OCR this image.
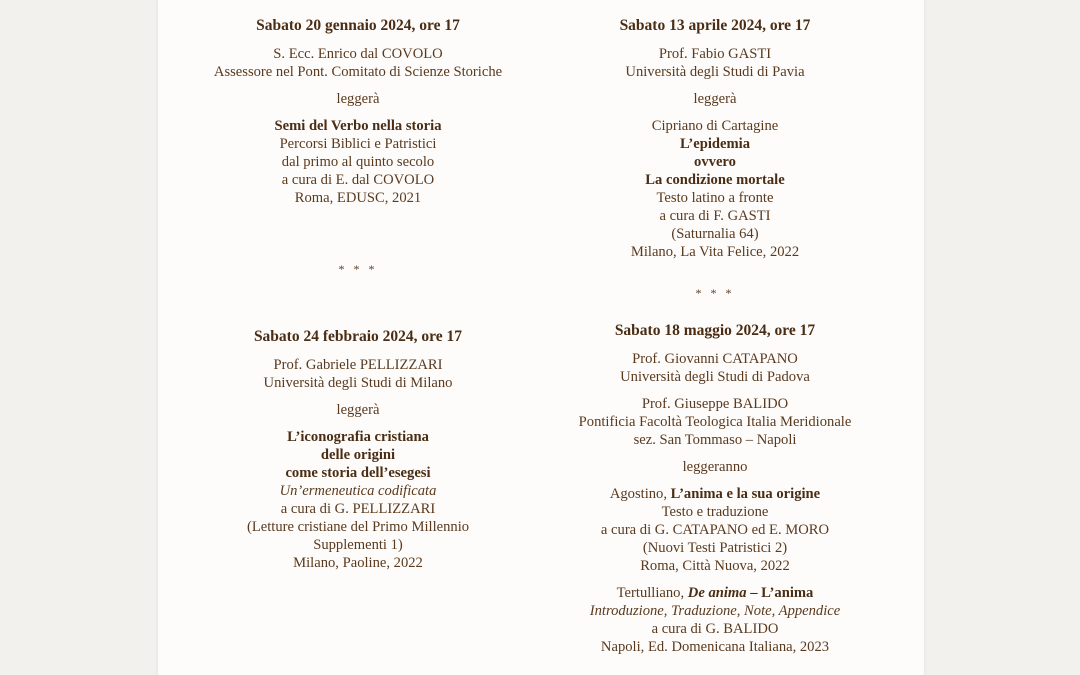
Sabato 20 gennaio 2024, ore 17
S. Ecc. Enrico dal COVOLO
Assessore nel Pont. Comitato di Scienze Storiche
leggerà
Semi del Verbo nella storia
Percorsi Biblici e Patristici
dal primo al quinto secolo
a cura di E. dal COVOLO
Roma, EDUSC, 2021
* * *
Sabato 24 febbraio 2024, ore 17
Prof. Gabriele PELLIZZARI
Università degli Studi di Milano
leggerà
L’iconografia cristiana
delle origini
come storia dell’esegesi
Un’ermeneutica codificata
a cura di G. PELLIZZARI
(Letture cristiane del Primo Millennio
Supplementi 1)
Milano, Paoline, 2022
Sabato 13 aprile 2024, ore 17
Prof. Fabio GASTI
Università degli Studi di Pavia
leggerà
Cipriano di Cartagine
L’epidemia
ovvero
La condizione mortale
Testo latino a fronte
a cura di F. GASTI
(Saturnalia 64)
Milano, La Vita Felice, 2022
* * *
Sabato 18 maggio 2024, ore 17
Prof. Giovanni CATAPANO
Università degli Studi di Padova
Prof. Giuseppe BALIDO
Pontificia Facoltà Teologica Italia Meridionale
sez. San Tommaso – Napoli
leggeranno
Agostino, L’anima e la sua origine
Testo e traduzione
a cura di G. CATAPANO ed E. MORO
(Nuovi Testi Patristici 2)
Roma, Città Nuova, 2022
Tertulliano, De anima – L’anima
Introduzione, Traduzione, Note, Appendice
a cura di G. BALIDO
Napoli, Ed. Domenicana Italiana, 2023
